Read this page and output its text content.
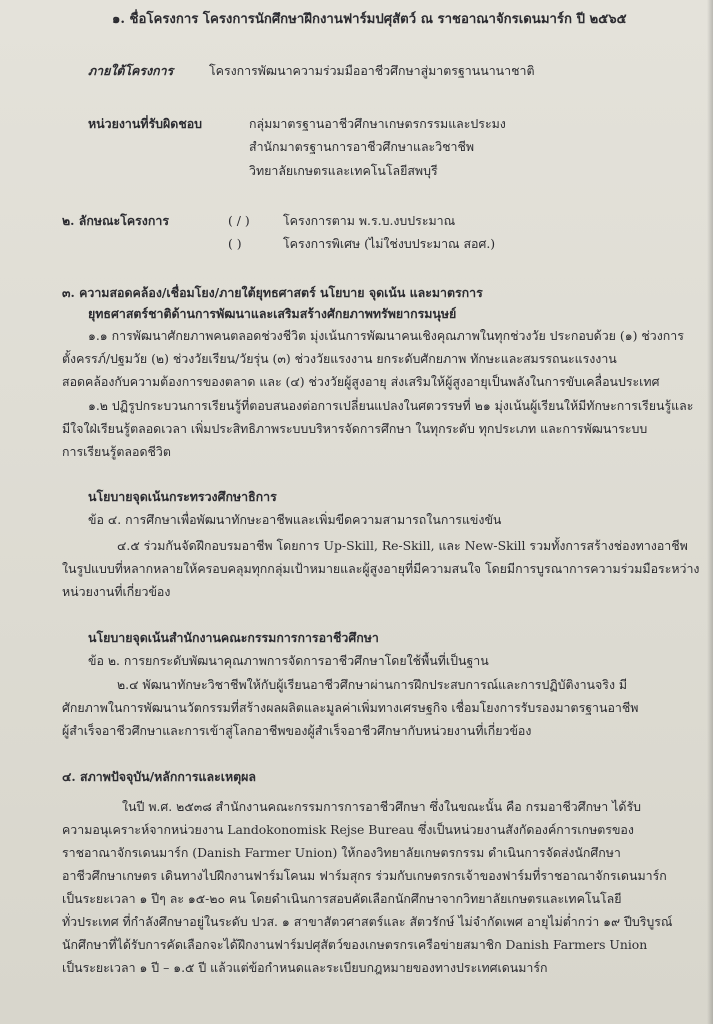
๑. ชื่อโครงการ โครงการนักศึกษาฝึกงานฟาร์มปศุสัตว์ ณ ราชอาณาจักรเดนมาร์ก ปี ๒๕๖๕
ภายใต้โครงการ	โครงการพัฒนาความร่วมมืออาชีวศึกษาสู่มาตรฐานนานาชาติ
หน่วยงานที่รับผิดชอบ	กลุ่มมาตรฐานอาชีวศึกษาเกษตรกรรมและประมง
สำนักมาตรฐานการอาชีวศึกษาและวิชาชีพ
วิทยาลัยเกษตรและเทคโนโลยีสพบุรี
๒. ลักษณะโครงการ	( / )	โครงการตาม พ.ร.บ.งบประมาณ
( )	โครงการพิเศษ (ไม่ใช่งบประมาณ สอศ.)
๓. ความสอดคล้อง/เชื่อมโยง/ภายใต้ยุทธศาสตร์ นโยบาย จุดเน้น และมาตรการ
ยุทธศาสตร์ชาติด้านการพัฒนาและเสริมสร้างศักยภาพทรัพยากรมนุษย์
๑.๑ การพัฒนาศักยภาพคนตลอดช่วงชีวิต มุ่งเน้นการพัฒนาคนเชิงคุณภาพในทุกช่วงวัย ประกอบด้วย (๑) ช่วงการ
ตั้งครรภ์/ปฐมวัย (๒) ช่วงวัยเรียน/วัยรุ่น (๓) ช่วงวัยแรงงาน ยกระดับศักยภาพ ทักษะและสมรรถนะแรงงาน
สอดคล้องกับความต้องการของตลาด และ (๔) ช่วงวัยผู้สูงอายุ ส่งเสริมให้ผู้สูงอายุเป็นพลังในการขับเคลื่อนประเทศ
๑.๒ ปฏิรูปกระบวนการเรียนรู้ที่ตอบสนองต่อการเปลี่ยนแปลงในศตวรรษที่ ๒๑ มุ่งเน้นผู้เรียนให้มีทักษะการเรียนรู้และ
มีใจใฝ่เรียนรู้ตลอดเวลา เพิ่มประสิทธิภาพระบบบริหารจัดการศึกษา ในทุกระดับ ทุกประเภท และการพัฒนาระบบ
การเรียนรู้ตลอดชีวิต
นโยบายจุดเน้นกระทรวงศึกษาธิการ
ข้อ ๔. การศึกษาเพื่อพัฒนาทักษะอาชีพและเพิ่มขีดความสามารถในการแข่งขัน
๔.๕ ร่วมกันจัดฝึกอบรมอาชีพ โดยการ Up-Skill, Re-Skill, และ New-Skill รวมทั้งการสร้างช่องทางอาชีพ
ในรูปแบบที่หลากหลายให้ครอบคลุมทุกกลุ่มเป้าหมายและผู้สูงอายุที่มีความสนใจ โดยมีการบูรณาการความร่วมมือระหว่าง
หน่วยงานที่เกี่ยวข้อง
นโยบายจุดเน้นสำนักงานคณะกรรมการการอาชีวศึกษา
ข้อ ๒. การยกระดับพัฒนาคุณภาพการจัดการอาชีวศึกษาโดยใช้พื้นที่เป็นฐาน
๒.๔ พัฒนาทักษะวิชาชีพให้กับผู้เรียนอาชีวศึกษาผ่านการฝึกประสบการณ์และการปฏิบัติงานจริง มี
ศักยภาพในการพัฒนานวัตกรรมที่สร้างผลผลิตและมูลค่าเพิ่มทางเศรษฐกิจ เชื่อมโยงการรับรองมาตรฐานอาชีพ
ผู้สำเร็จอาชีวศึกษาและการเข้าสู่โลกอาชีพของผู้สำเร็จอาชีวศึกษากับหน่วยงานที่เกี่ยวข้อง
๔. สภาพปัจจุบัน/หลักการและเหตุผล
ในปี พ.ศ. ๒๕๓๘ สำนักงานคณะกรรมการการอาชีวศึกษา ซึ่งในขณะนั้น คือ กรมอาชีวศึกษา ได้รับ
ความอนุเคราะห์จากหน่วยงาน Landokonomisk Rejse Bureau ซึ่งเป็นหน่วยงานสังกัดองค์การเกษตรของ
ราชอาณาจักรเดนมาร์ก (Danish Farmer Union) ให้กองวิทยาลัยเกษตรกรรม ดำเนินการจัดส่งนักศึกษา
อาชีวศึกษาเกษตร เดินทางไปฝึกงานฟาร์มโคนม ฟาร์มสุกร ร่วมกับเกษตรกรเจ้าของฟาร์มที่ราชอาณาจักรเดนมาร์ก
เป็นระยะเวลา ๑ ปีๆ ละ ๑๕-๒๐ คน โดยดำเนินการสอบคัดเลือกนักศึกษาจากวิทยาลัยเกษตรและเทคโนโลยี
ทั่วประเทศ ที่กำลังศึกษาอยู่ในระดับ ปวส. ๑ สาขาสัตวศาสตร์และ สัตวรักษ์ ไม่จำกัดเพศ อายุไม่ต่ำกว่า ๑๙ ปีบริบูรณ์
นักศึกษาที่ได้รับการคัดเลือกจะได้ฝึกงานฟาร์มปศุสัตว์ของเกษตรกรเครือข่ายสมาชิก Danish Farmers Union
เป็นระยะเวลา ๑ ปี – ๑.๕ ปี แล้วแต่ข้อกำหนดและระเบียบกฎหมายของทางประเทศเดนมาร์ก
